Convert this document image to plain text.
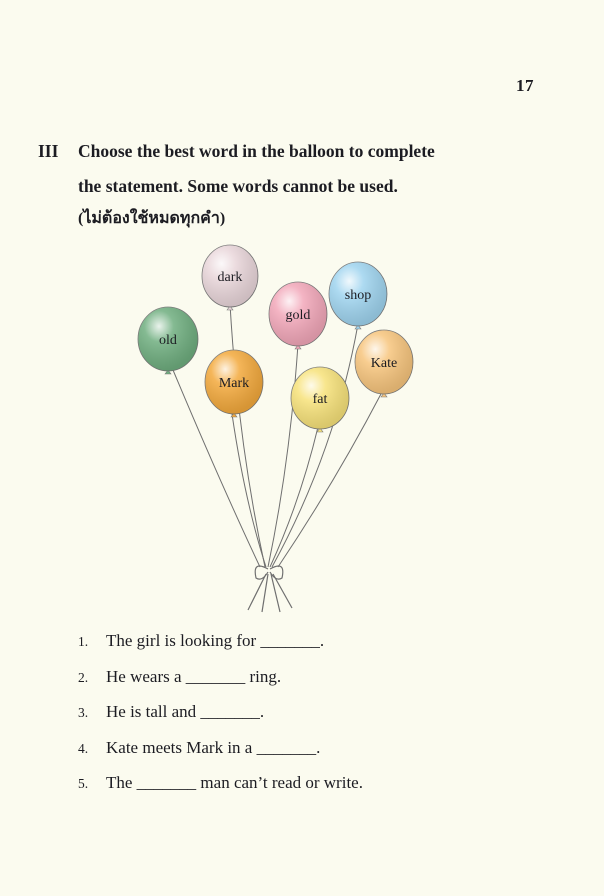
17
III Choose the best word in the balloon to complete
the statement. Some words cannot be used.
(ไม่ต้องใช้หมดทุกคำ)
dark
old
gold
shop
Kate
Mark
fat
1. The girl is looking for _______.
2. He wears a _______ ring.
3. He is tall and _______.
4. Kate meets Mark in a _______.
5. The _______ man can’t read or write.
